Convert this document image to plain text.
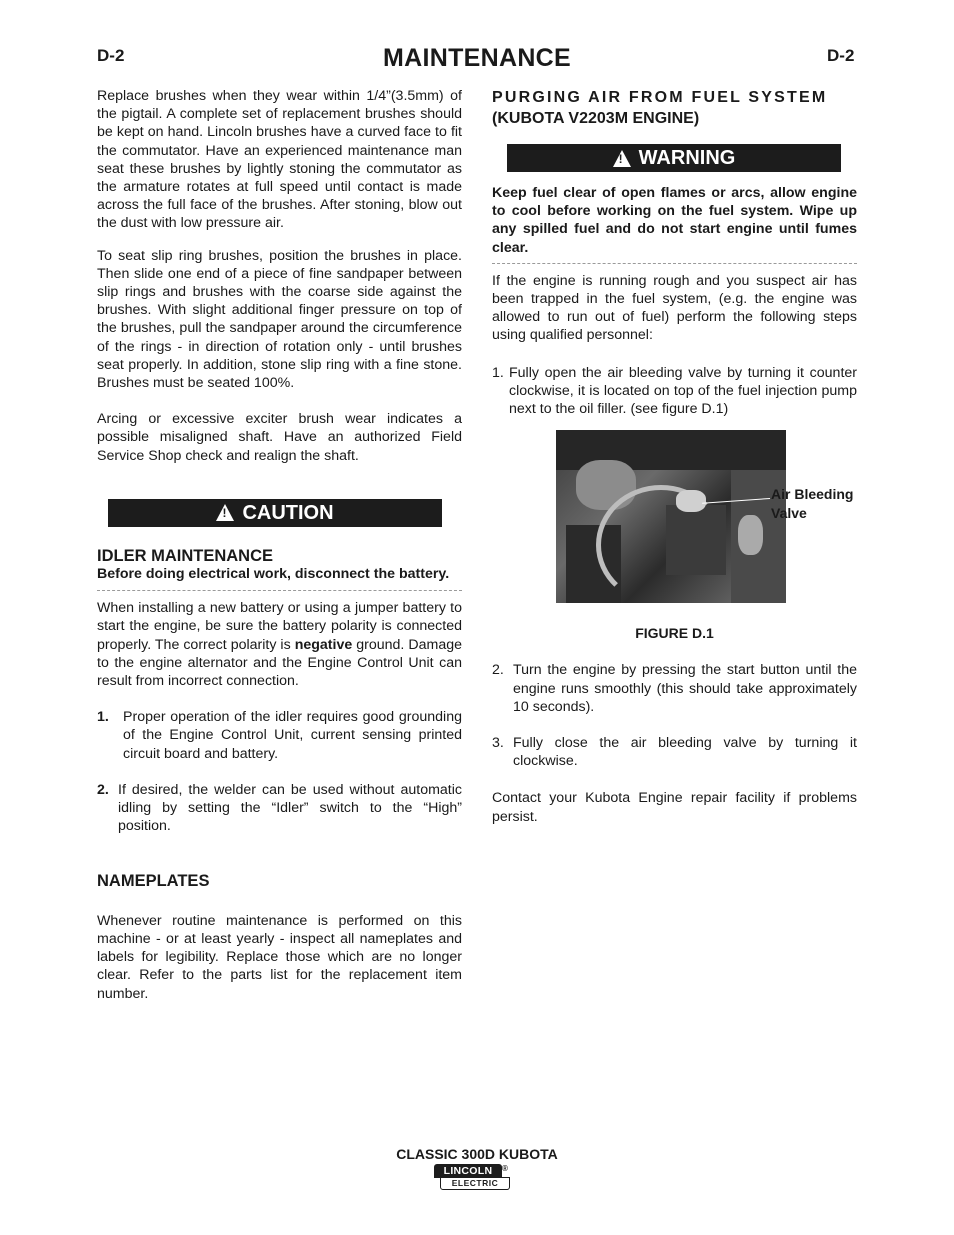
D-2	MAINTENANCE	D-2

Replace brushes when they wear within 1/4”(3.5mm) of the pigtail. A complete set of replacement brushes should be kept on hand. Lincoln brushes have a curved face to fit the commutator. Have an experienced maintenance man seat these brushes by lightly stoning the commutator as the armature rotates at full speed until contact is made across the full face of the brushes. After stoning, blow out the dust with low pressure air.

To seat slip ring brushes, position the brushes in place. Then slide one end of a piece of fine sandpaper between slip rings and brushes with the coarse side against the brushes. With slight additional finger pressure on top of the brushes, pull the sandpaper around the circumference of the rings - in direction of rotation only - until brushes seat properly. In addition, stone slip ring with a fine stone. Brushes must be seated 100%.

Arcing or excessive exciter brush wear indicates a possible misaligned shaft. Have an authorized Field Service Shop check and realign the shaft.

! CAUTION
IDLER MAINTENANCE

Before doing electrical work, disconnect the battery.

When installing a new battery or using a jumper battery to start the engine, be sure the battery polarity is connected properly. The correct polarity is negative ground. Damage to the engine alternator and the Engine Control Unit can result from incorrect connection.

1. Proper operation of the idler requires good grounding of the Engine Control Unit, current sensing printed circuit board and battery.
2. If desired, the welder can be used without automatic idling by setting the “Idler” switch to the “High” position.
NAMEPLATES

Whenever routine maintenance is performed on this machine - or at least yearly - inspect all nameplates and labels for legibility. Replace those which are no longer clear. Refer to the parts list for the replacement item number.

PURGING AIR FROM FUEL SYSTEM
(KUBOTA V2203M ENGINE)
! WARNING

Keep fuel clear of open flames or arcs, allow engine to cool before working on the fuel system. Wipe up any spilled fuel and do not start engine until fumes clear.

If the engine is running rough and you suspect air has been trapped in the fuel system, (e.g. the engine was allowed to run out of fuel) perform the following steps using qualified personnel:

1. Fully open the air bleeding valve by turning it counter clockwise, it is located on top of the fuel injection pump next to the oil filler. (see figure D.1)
Air Bleeding
Valve
FIGURE D.1
2. Turn the engine by pressing the start button until the engine runs smoothly (this should take approximately 10 seconds).
3. Fully close the air bleeding valve by turning it clockwise.

Contact your Kubota Engine repair facility if problems persist.

CLASSIC 300D KUBOTA
LINCOLN
ELECTRIC
®
